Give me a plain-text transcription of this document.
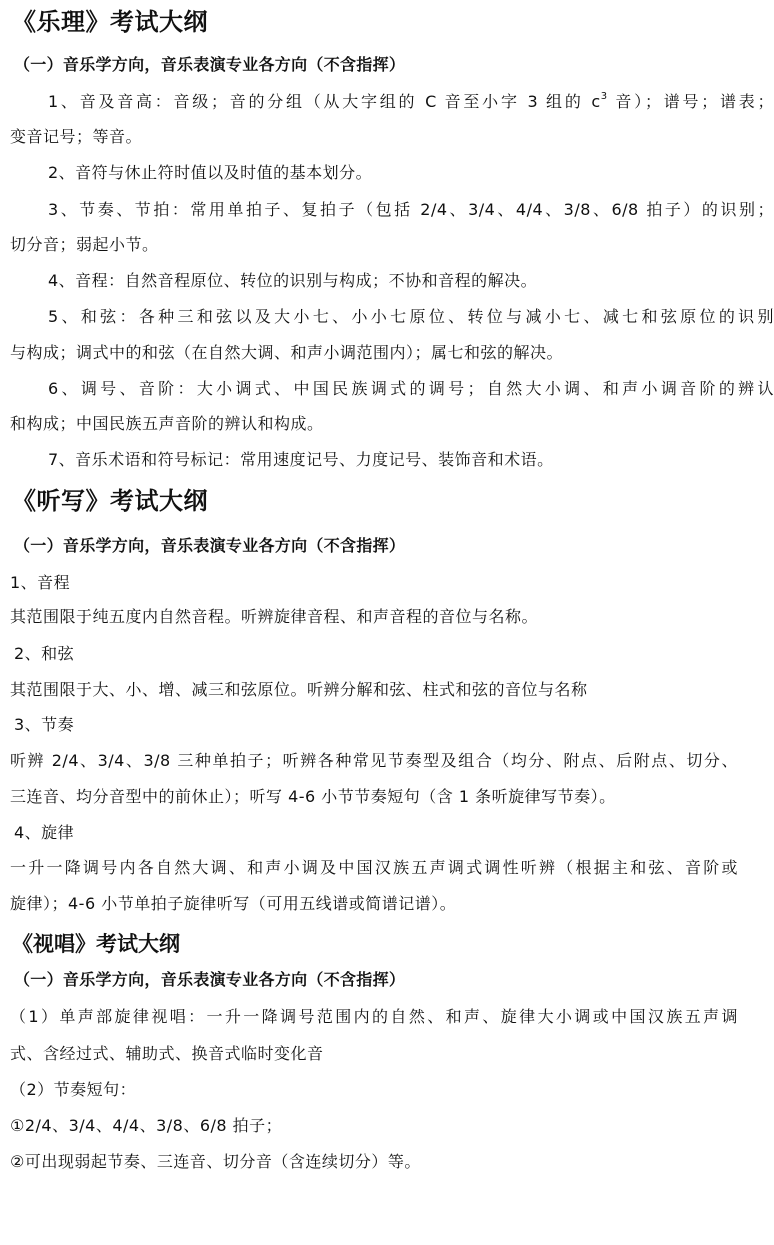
《乐理》考试大纲
（一）音乐学方向，音乐表演专业各方向（不含指挥）
1、音及音高：音级；音的分组（从大字组的 C 音至小字 3 组的 $c^3$ 音）；谱号；谱表；
变音记号；等音。
2、音符与休止符时值以及时值的基本划分。
3、节奏、节拍：常用单拍子、复拍子（包括 2/4、3/4、4/4、3/8、6/8 拍子）的识别；
切分音；弱起小节。
4、音程：自然音程原位、转位的识别与构成；不协和音程的解决。
5、和弦：各种三和弦以及大小七、小小七原位、转位与减小七、减七和弦原位的识别
与构成；调式中的和弦（在自然大调、和声小调范围内）；属七和弦的解决。
6、调号、音阶：大小调式、中国民族调式的调号；自然大小调、和声小调音阶的辨认
和构成；中国民族五声音阶的辨认和构成。
7、音乐术语和符号标记：常用速度记号、力度记号、装饰音和术语。
《听写》考试大纲
（一）音乐学方向，音乐表演专业各方向（不含指挥）
1、音程
其范围限于纯五度内自然音程。听辨旋律音程、和声音程的音位与名称。
2、和弦
其范围限于大、小、增、减三和弦原位。听辨分解和弦、柱式和弦的音位与名称
3、节奏
听辨 2/4、3/4、3/8 三种单拍子；听辨各种常见节奏型及组合（均分、附点、后附点、切分、
三连音、均分音型中的前休止）；听写 4-6 小节节奏短句（含 1 条听旋律写节奏）。
4、旋律
一升一降调号内各自然大调、和声小调及中国汉族五声调式调性听辨（根据主和弦、音阶或
旋律）；4-6 小节单拍子旋律听写（可用五线谱或简谱记谱）。
《视唱》考试大纲
（一）音乐学方向，音乐表演专业各方向（不含指挥）
（1）单声部旋律视唱：一升一降调号范围内的自然、和声、旋律大小调或中国汉族五声调
式、含经过式、辅助式、换音式临时变化音
（2）节奏短句：
①2/4、3/4、4/4、3/8、6/8 拍子；
②可出现弱起节奏、三连音、切分音（含连续切分）等。
